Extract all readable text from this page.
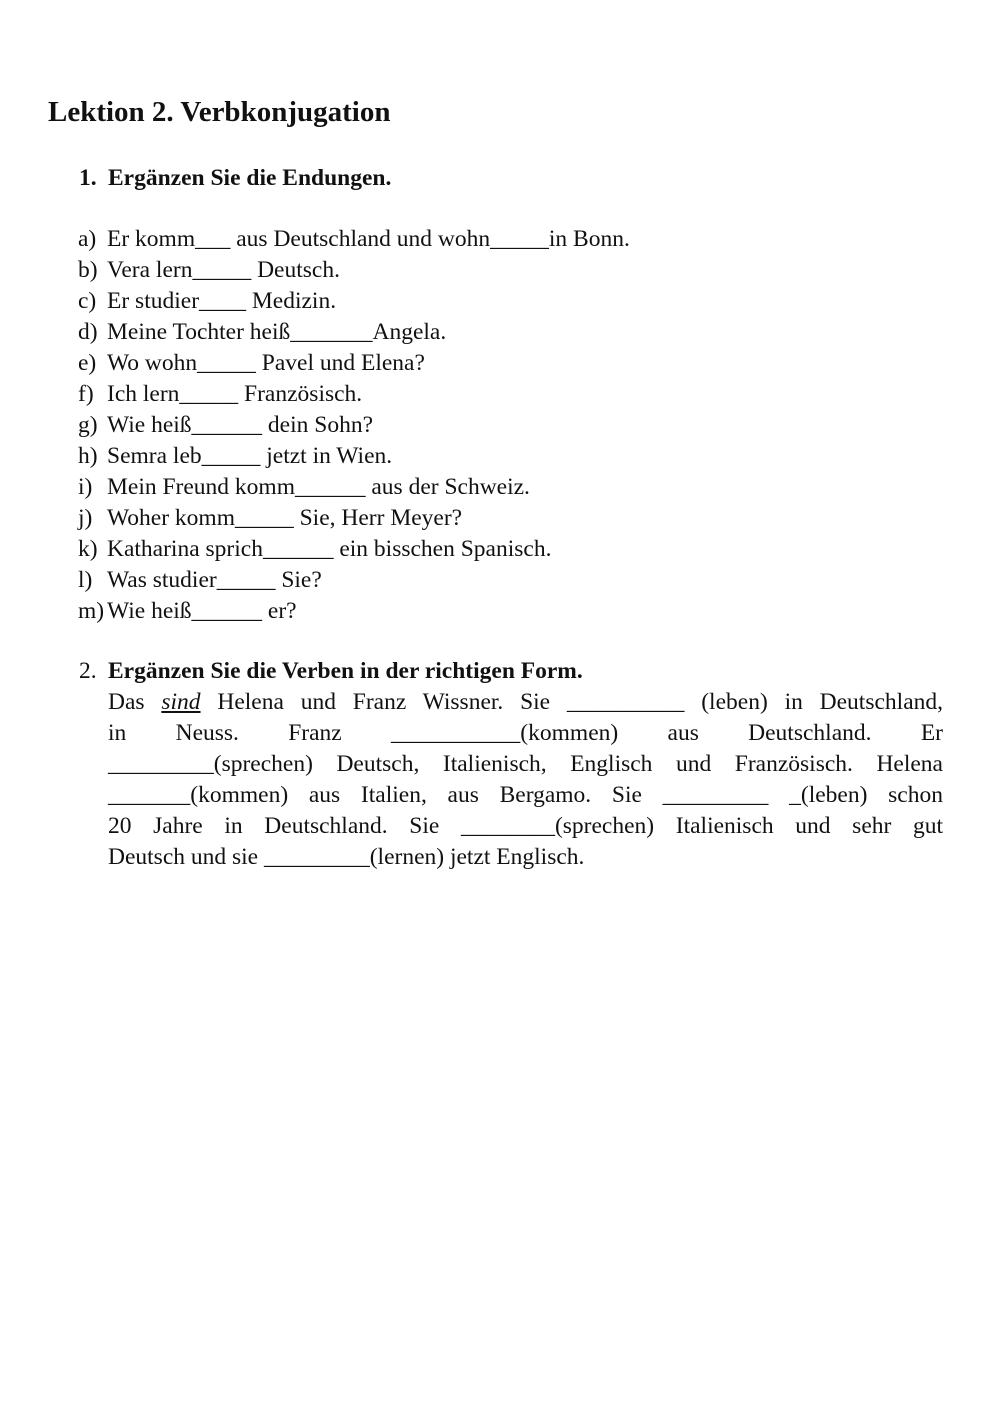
Lektion 2. Verbkonjugation
1. Ergänzen Sie die Endungen.
a) Er komm___ aus Deutschland und wohn_____in Bonn.
b) Vera lern_____ Deutsch.
c) Er studier____ Medizin.
d) Meine Tochter heiß_______Angela.
e) Wo wohn_____ Pavel und Elena?
f) Ich lern_____ Französisch.
g) Wie heiß______ dein Sohn?
h) Semra leb_____ jetzt in Wien.
i) Mein Freund komm______ aus der Schweiz.
j) Woher komm_____ Sie, Herr Meyer?
k) Katharina sprich______ ein bisschen Spanisch.
l) Was studier_____ Sie?
m) Wie heiß______ er?
2. Ergänzen Sie die Verben in der richtigen Form.
Das sind Helena und Franz Wissner. Sie __________ (leben) in Deutschland,
in Neuss. Franz ___________(kommen) aus Deutschland. Er
_________(sprechen) Deutsch, Italienisch, Englisch und Französisch. Helena
_______(kommen) aus Italien, aus Bergamo. Sie _________ _(leben) schon
20 Jahre in Deutschland. Sie ________(sprechen) Italienisch und sehr gut
Deutsch und sie _________(lernen) jetzt Englisch.
